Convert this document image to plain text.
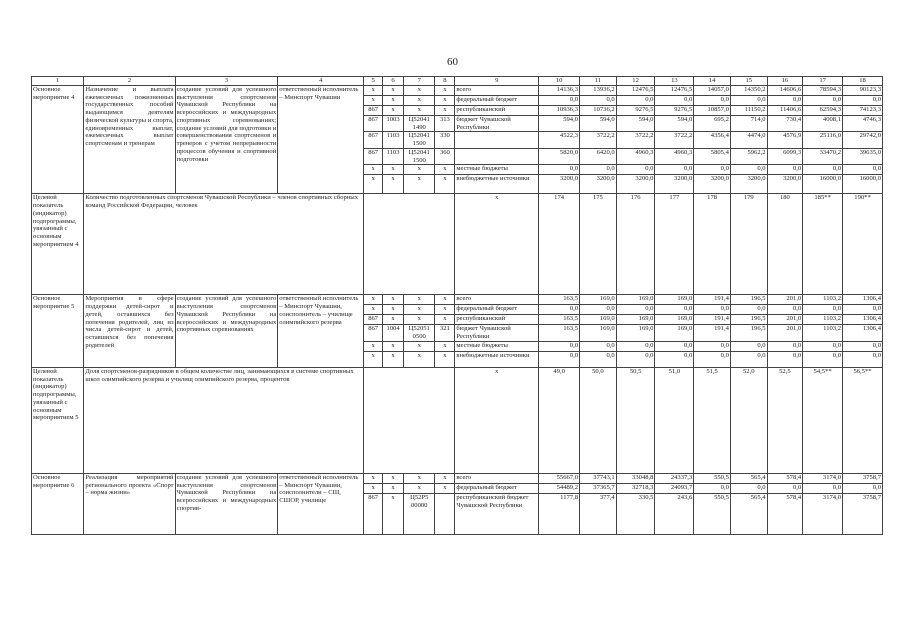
60
1	2	3	4	5	6	7	8	9	10	11	12	13	14	15	16	17	18
Основное мероприятие 4	Назначение и выплата ежемесячных пожизненных государственных пособий выдающимся деятелям физической культуры и спорта, единовременных выплат, ежемесячных выплат спортсменам и тренерам	создание условий для успешного выступления спортсменов Чувашской Республики на всероссийских и международных спортивных соревнованиях; создание условий для подготовки и совершенствования спортсменов и тренеров с учетом непрерывности процессов обучения и спортивной подготовки	ответственный исполнитель – Минспорт Чувашии	x	x	x	x	всего	14136,3	13936,2	12476,5	12476,5	14057,0	14350,2	14606,6	78594,3	90123,3
				x	x	x	x	федеральный бюджет	0,0	0,0	0,0	0,0	0,0	0,0	0,0	0,0	0,0
				867	x	x	x	республиканский	10936,3	10736,2	9276,5	9276,5	10857,0	11150,2	11406,6	62594,3	74123,3
				867	1003	Ц52041 1490	313	бюджет Чувашской Республики	594,0	594,0	594,0	594,0	695,2	714,0	730,4	4008,1	4746,3
				867	1103	Ц52041 1500	330		4522,3	3722,2	3722,2	3722,2	4356,4	4474,0	4576,9	25116,0	29742,0
				867	1103	Ц52041 1500	360		5820,0	6420,0	4960,3	4960,3	5805,4	5962,2	6099,3	33470,2	39635,0
				x	x	x	x	местные бюджеты	0,0	0,0	0,0	0,0	0,0	0,0	0,0	0,0	0,0
				x	x	x	x	внебюджетные источники	3200,0	3200,0	3200,0	3200,0	3200,0	3200,0	3200,0	16000,0	16000,0
Целевой показатель (индикатор) подпрограммы, увязанный с основным мероприятием 4	Количество подготовленных спортсменов Чувашской Республики – членов спортивных сборных команд Российской Федерации, человек							x	174	175	176	177	178	179	180	185**	190**
Основное мероприятие 5	Мероприятия в сфере поддержки детей-сирот и детей, оставшихся без попечения родителей, лиц из числа детей-сирот и детей, оставшихся без попечения родителей	создание условий для успешного выступления спортсменов Чувашской Республики на всероссийских и международных спортивных соревнованиях	ответственный исполнитель – Минспорт Чувашии, соисполнитель – училище олимпийского резерва	x	x	x	x	всего	163,5	169,0	169,0	169,0	191,4	196,5	201,0	1103,2	1306,4
				x	x	x	x	федеральный бюджет	0,0	0,0	0,0	0,0	0,0	0,0	0,0	0,0	0,0
				867	x	x	x	республиканский	163,5	169,0	169,0	169,0	191,4	196,5	201,0	1103,2	1306,4
				867	1004	Ц52051 0500	321	бюджет Чувашской Республики	163,5	169,0	169,0	169,0	191,4	196,5	201,0	1103,2	1306,4
				x	x	x	x	местные бюджеты	0,0	0,0	0,0	0,0	0,0	0,0	0,0	0,0	0,0
				x	x	x	x	внебюджетные источники	0,0	0,0	0,0	0,0	0,0	0,0	0,0	0,0	0,0
Целевой показатель (индикатор) подпрограммы, увязанный с основным мероприятием 5	Доля спортсменов-разрядников в общем количестве лиц, занимающихся в системе спортивных школ олимпийского резерва и училищ олимпийского резерва, процентов							x	49,0	50,0	50,5	51,0	51,5	52,0	52,5	54,5**	56,5**
Основное мероприятие 6	Реализация мероприятий регионального проекта «Спорт – норма жизни»	создание условий для успешного выступления спортсменов Чувашской Республики на всероссийских и международных спортив-	ответственный исполнитель – Минспорт Чувашии, соисполнители – СШ, СШОР, училище	x	x	x	x	всего	55667,0	37743,1	33048,8	24337,3	550,5	565,4	578,4	3174,0	3758,7
				x	x	x	x	федеральный бюджет	54489,2	37365,7	32718,3	24093,7	0,0	0,0	0,0	0,0	0,0
				867	x	Ц52P5 00000		республиканский бюджет Чувашской Республики	1177,8	377,4	330,5	243,6	550,5	565,4	578,4	3174,0	3758,7
